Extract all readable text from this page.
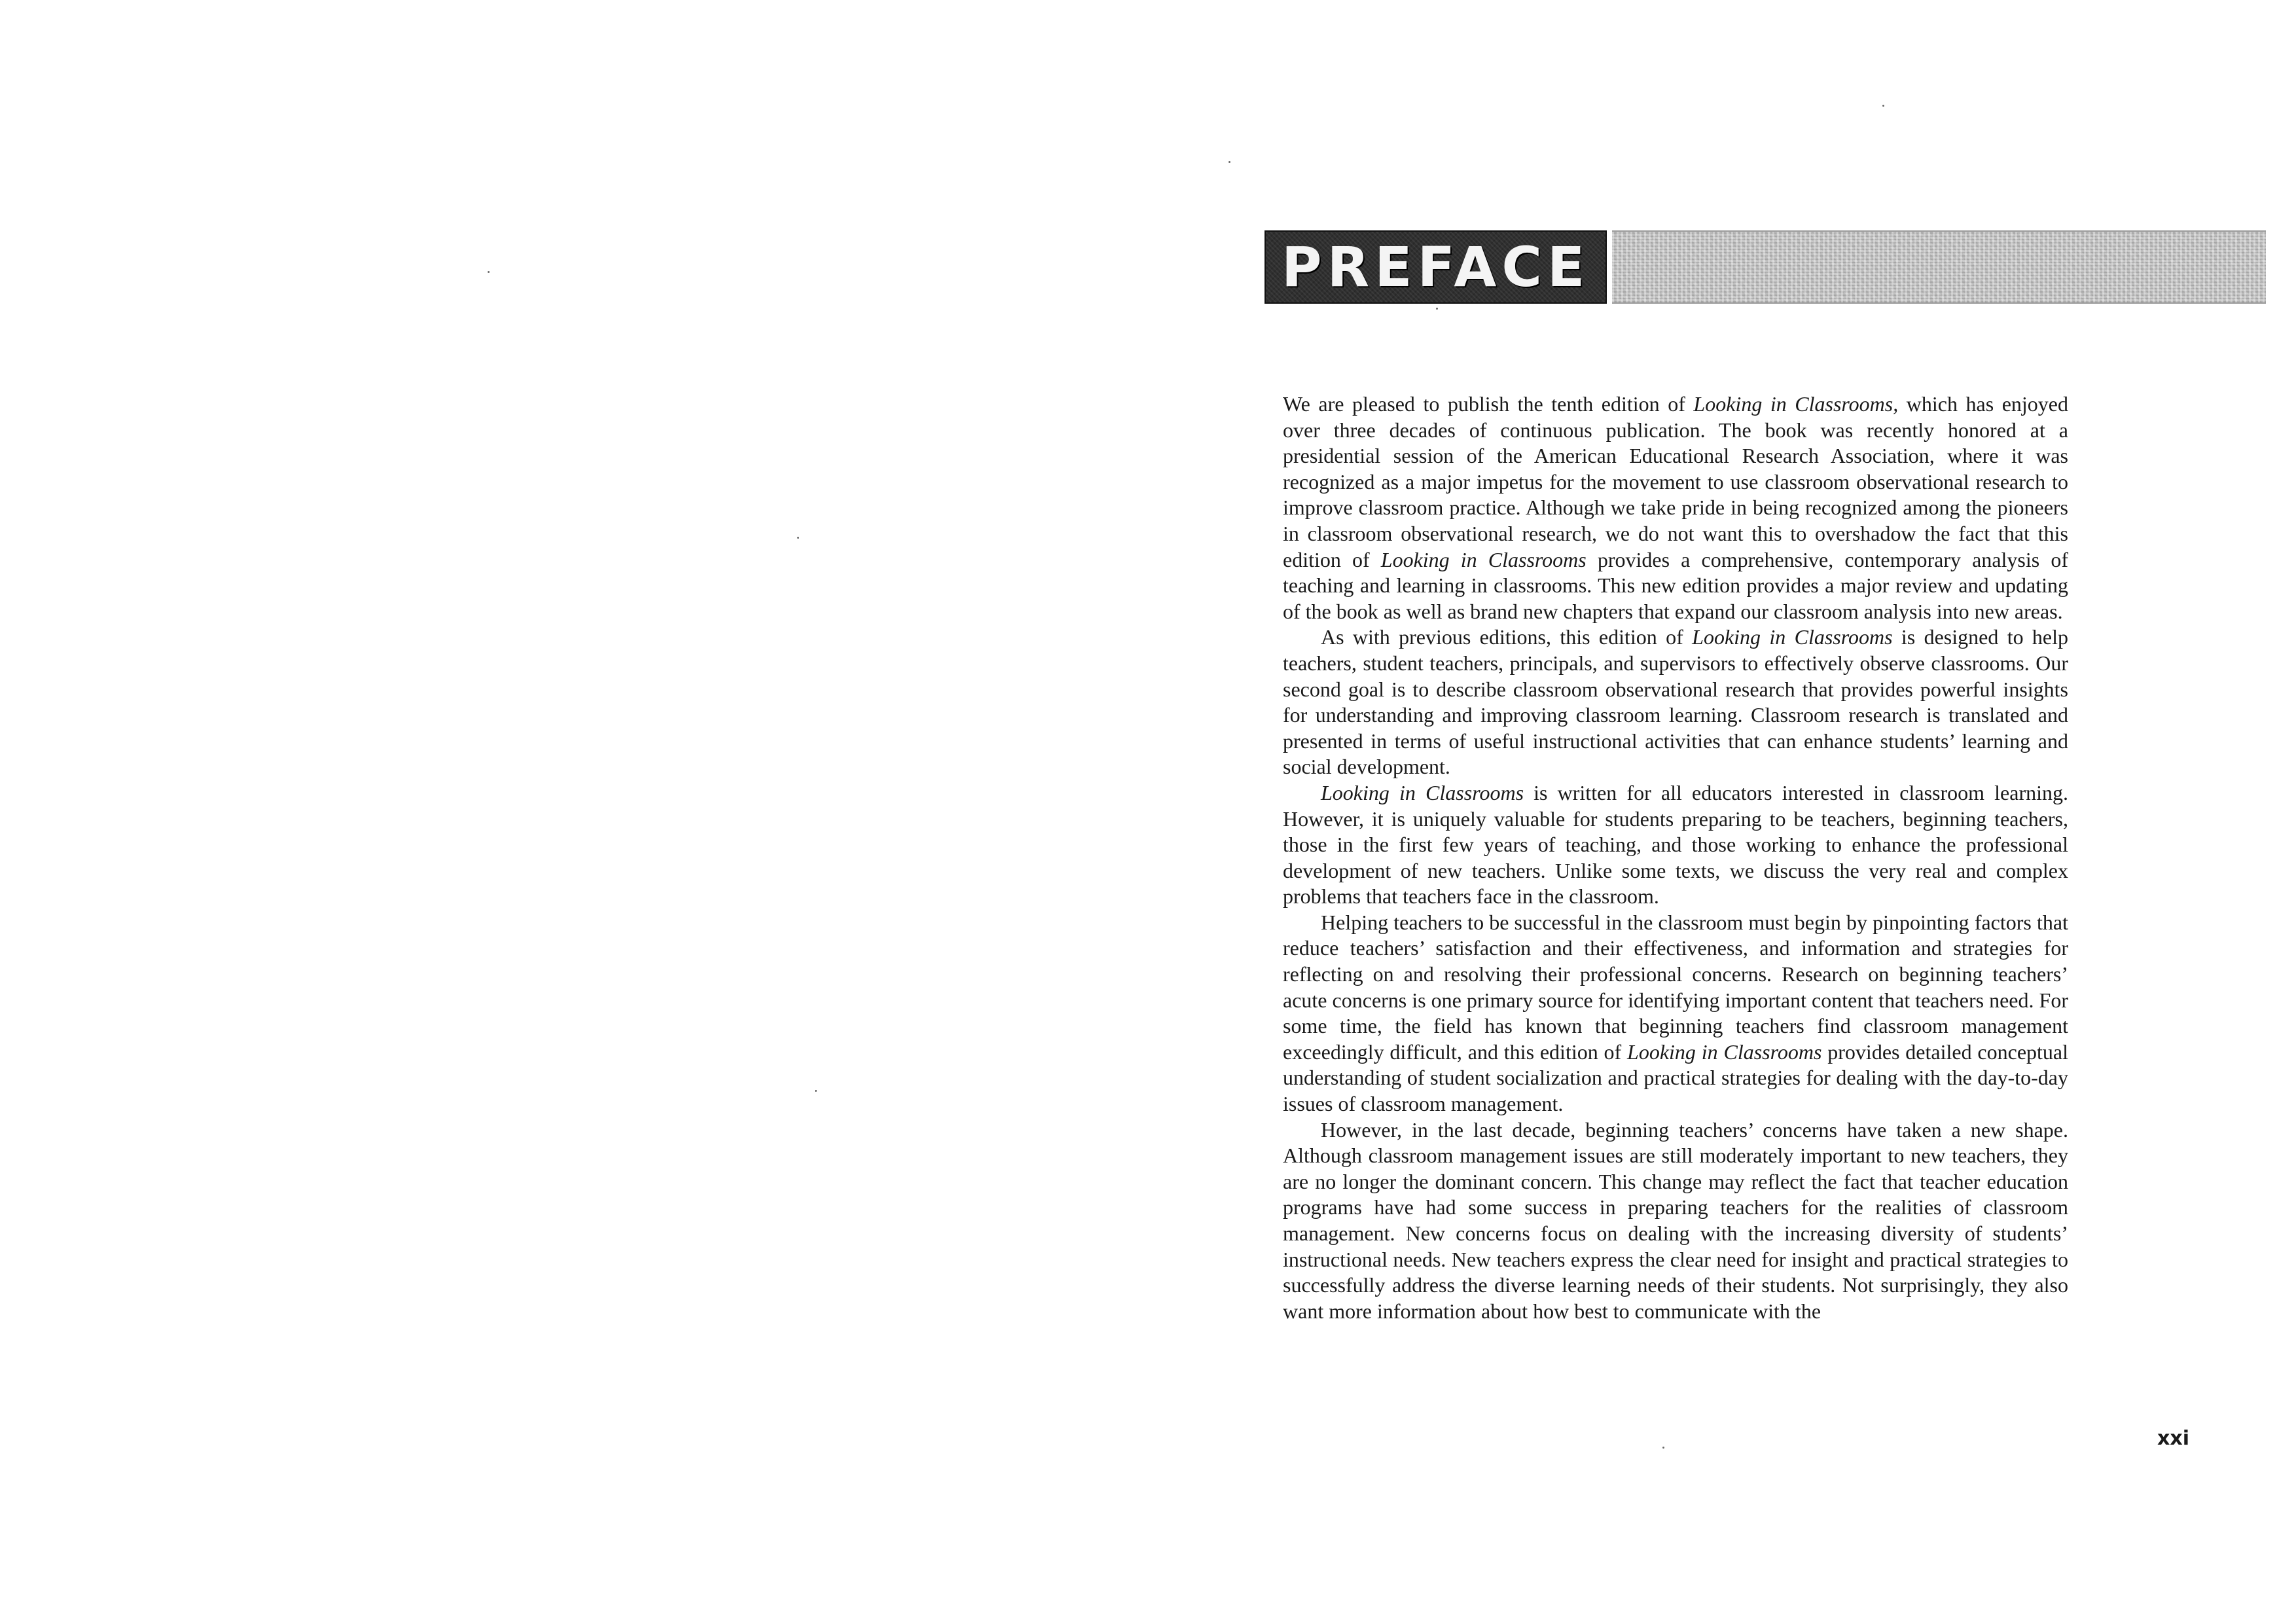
PREFACE

We are pleased to publish the tenth edition of Looking in Classrooms, which has enjoyed over three decades of continuous publication. The book was recently honored at a presidential session of the American Educational Research Association, where it was recognized as a major impetus for the movement to use classroom observational research to improve classroom practice. Although we take pride in being recognized among the pioneers in classroom observational research, we do not want this to overshadow the fact that this edition of Looking in Classrooms provides a comprehensive, contemporary analysis of teaching and learning in classrooms. This new edition provides a major review and updating of the book as well as brand new chapters that expand our classroom analysis into new areas.

As with previous editions, this edition of Looking in Classrooms is designed to help teachers, student teachers, principals, and supervisors to effectively observe classrooms. Our second goal is to describe classroom observational research that provides powerful insights for understanding and improving classroom learning. Classroom research is translated and presented in terms of useful instructional activities that can enhance students’ learning and social development.

Looking in Classrooms is written for all educators interested in classroom learning. However, it is uniquely valuable for students preparing to be teachers, beginning teachers, those in the first few years of teaching, and those working to enhance the professional development of new teachers. Unlike some texts, we discuss the very real and complex problems that teachers face in the classroom.

Helping teachers to be successful in the classroom must begin by pinpointing factors that reduce teachers’ satisfaction and their effectiveness, and information and strategies for reflecting on and resolving their professional concerns. Research on beginning teachers’ acute concerns is one primary source for identifying important content that teachers need. For some time, the field has known that beginning teachers find classroom management exceedingly difficult, and this edition of Looking in Classrooms provides detailed conceptual understanding of student socialization and practical strategies for dealing with the day-to-day issues of classroom management.

However, in the last decade, beginning teachers’ concerns have taken a new shape. Although classroom management issues are still moderately important to new teachers, they are no longer the dominant concern. This change may reflect the fact that teacher education programs have had some success in preparing teachers for the realities of classroom management. New concerns focus on dealing with the increasing diversity of students’ instructional needs. New teachers express the clear need for insight and practical strategies to successfully address the diverse learning needs of their students. Not surprisingly, they also want more information about how best to communicate with the

xxi
